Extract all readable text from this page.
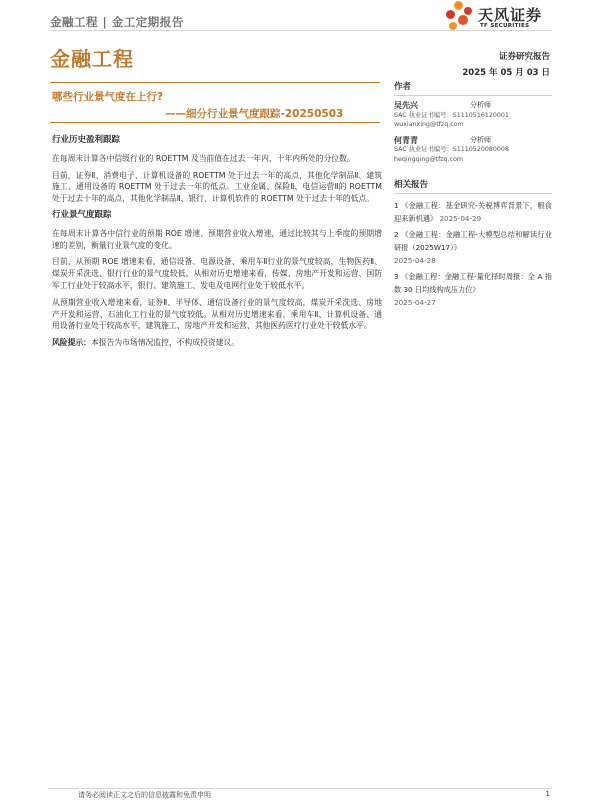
金融工程 | 金工定期报告	天风证券
TF SECURITIES
金融工程	证券研究报告
2025 年 05 月 03 日
哪些行业景气度在上行?
——细分行业景气度跟踪-20250503
行业历史盈利跟踪

在每周末计算各中信级行业的 ROETTM 及当前值在过去一年内、十年内所处的分位数。

目前，证券Ⅱ、消费电子、计算机设备的 ROETTM 处于过去一年的高点，其他化学制品Ⅱ、建筑施工、通用设备的 ROETTM 处于过去一年的低点。工业金属、保险Ⅱ、电信运营Ⅱ的 ROETTM 处于过去十年的高点，其他化学制品Ⅱ、银行、计算机软件的 ROETTM 处于过去十年的低点。

行业景气度跟踪

在每周末计算各中信行业的预期 ROE 增速、预期营业收入增速，通过比较其与上季度的预期增速的差别，衡量行业景气度的变化。

目前，从预期 ROE 增速来看，通信设备、电源设备、乘用车Ⅱ行业的景气度较高，生物医药Ⅱ、煤炭开采洗选、银行行业的景气度较低。从相对历史增速来看，传媒、房地产开发和运营、国防军工行业处于较高水平，银行、建筑施工、发电及电网行业处于较低水平。

从预期营业收入增速来看，证券Ⅱ、半导体、通信设备行业的景气度较高，煤炭开采洗选、房地产开发和运营、石油化工行业的景气度较低。从相对历史增速来看，乘用车Ⅱ、计算机设备、通用设备行业处于较高水平，建筑施工、房地产开发和运营、其他医药医疗行业处于较低水平。

风险提示：本报告为市场情况监控，不构成投资建议。

作者
吴先兴	分析师
SAC 执业证书编号：S1110516120001
wuxianxing@tfzq.com
何青青	分析师
SAC 执业证书编号：S1110520080008
heqingqing@tfzq.com
相关报告
1 《金融工程：基金研究-关税博弈背景下，粮食迎来新机遇》 2025-04-29
2 《金融工程：金融工程-大模型总结和解读行业研报（2025W17）》
2025-04-28
3 《金融工程：金融工程-量化择时周报：全 A 指数 30 日均线构成压力位》
2025-04-27
请务必阅读正文之后的信息披露和免责申明	1
